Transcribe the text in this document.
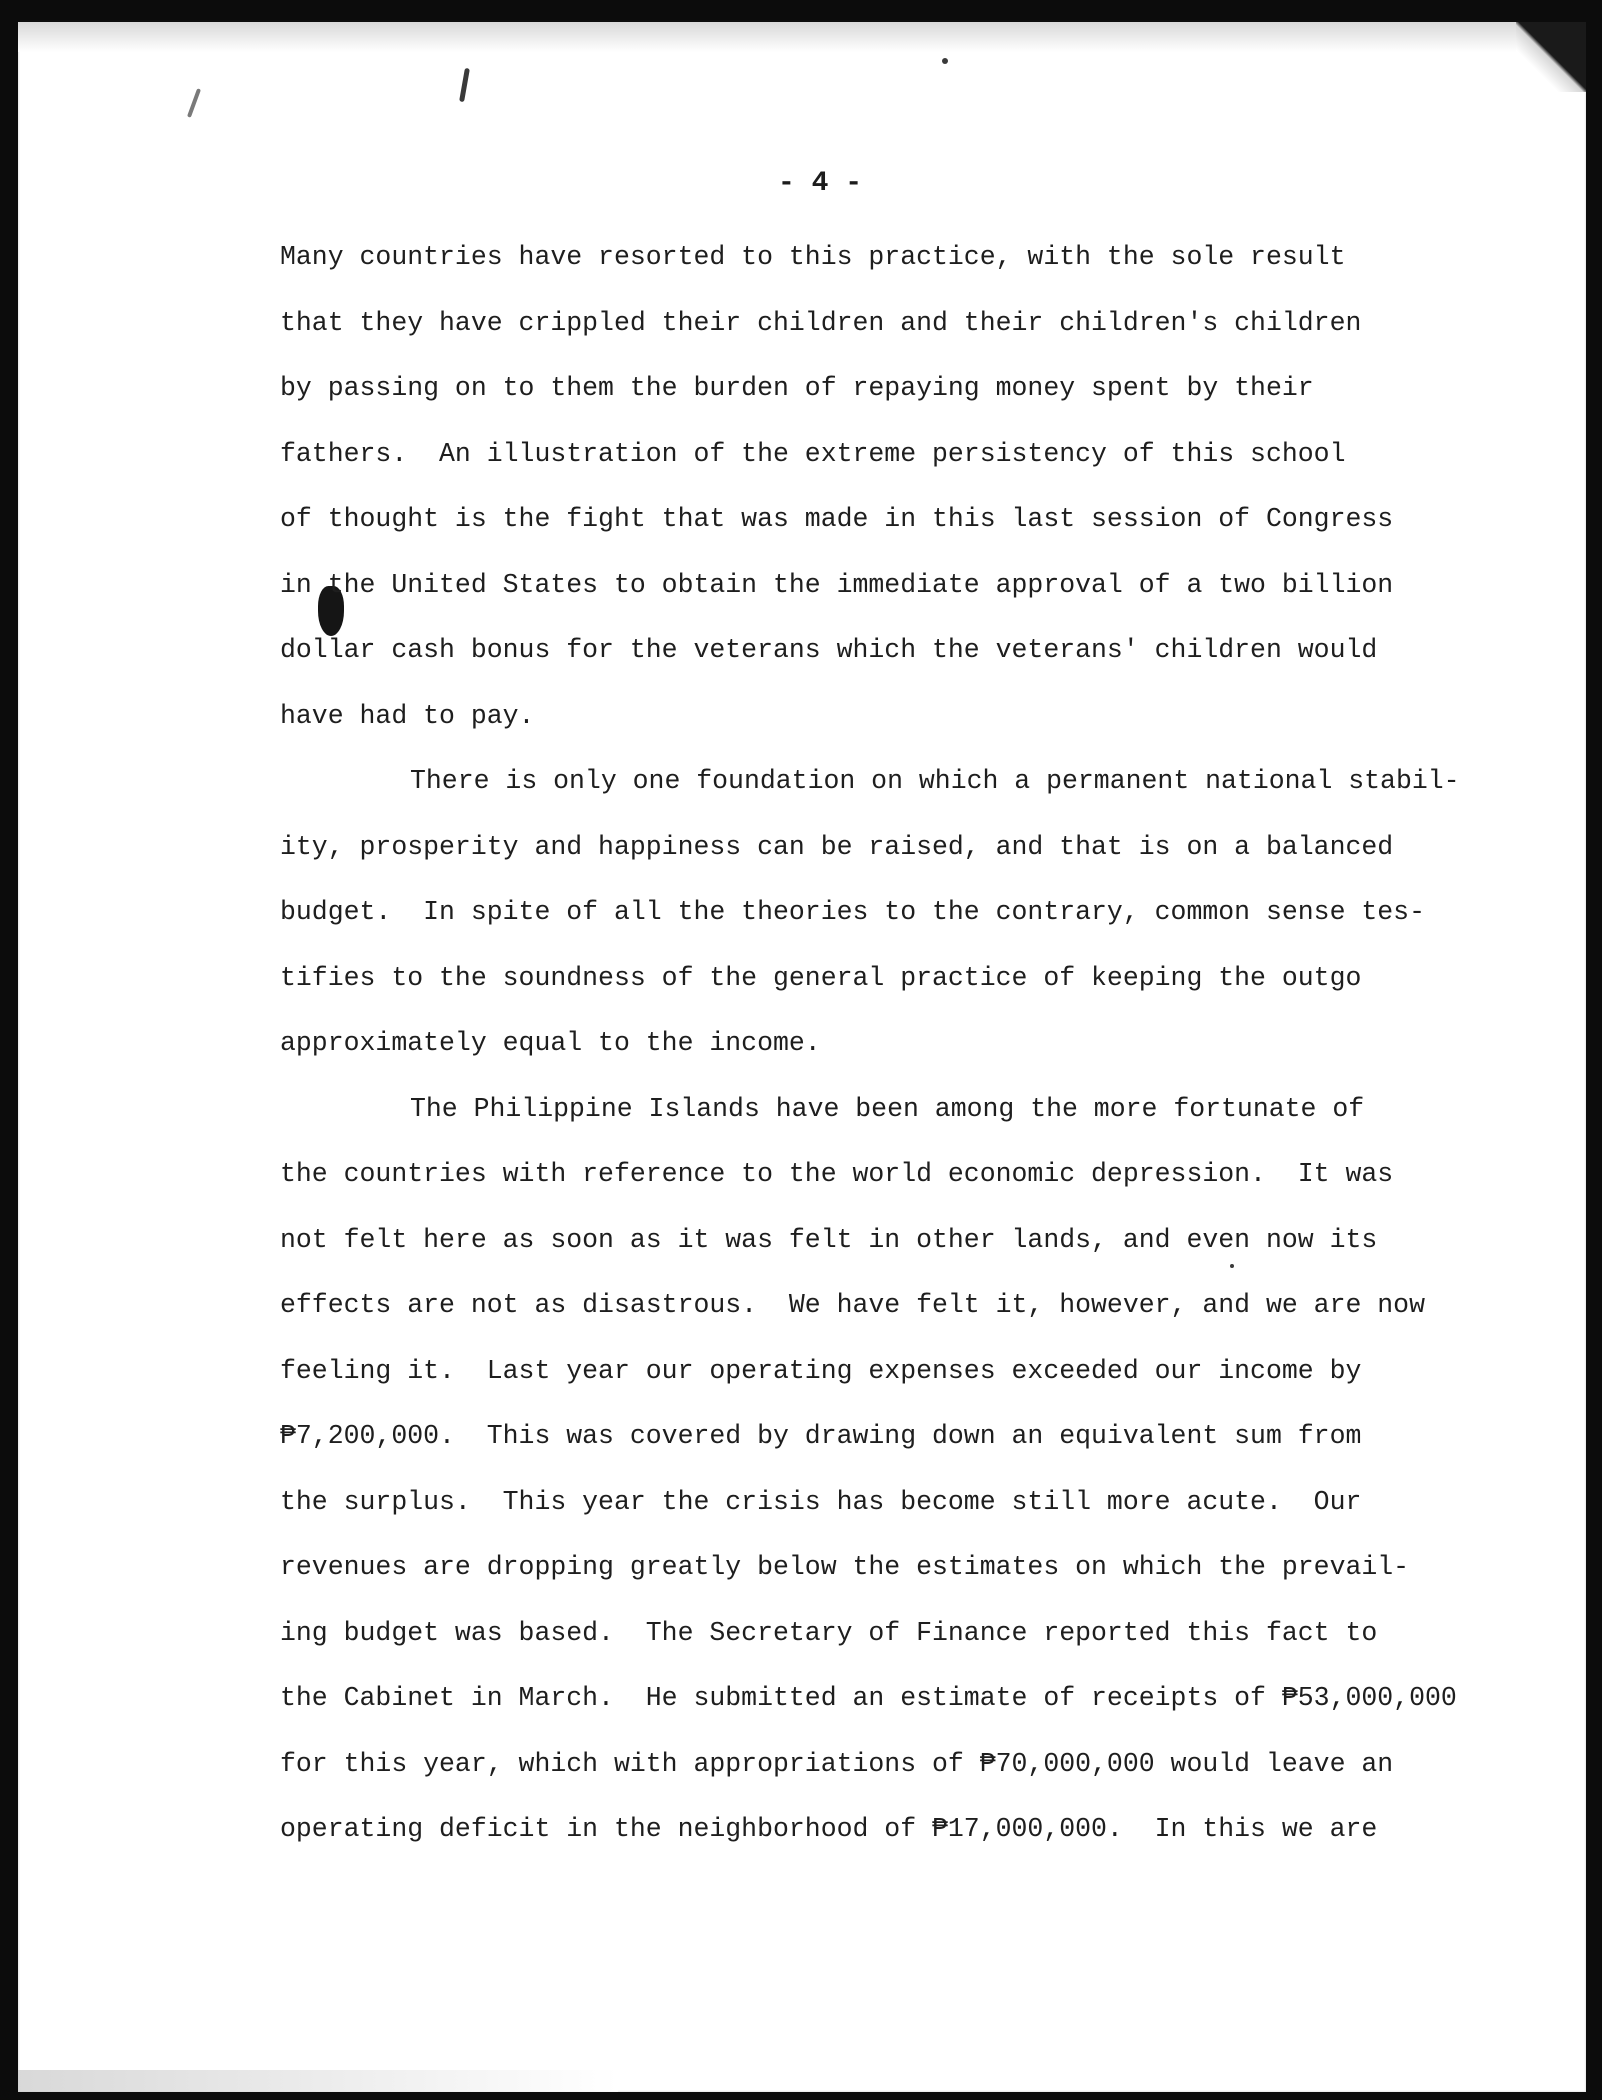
- 4 -
Many countries have resorted to this practice, with the sole result
that they have crippled their children and their children's children
by passing on to them the burden of repaying money spent by their
fathers.  An illustration of the extreme persistency of this school
of thought is the fight that was made in this last session of Congress
in the United States to obtain the immediate approval of a two billion
dollar cash bonus for the veterans which the veterans' children would
have had to pay.
There is only one foundation on which a permanent national stabil-
ity, prosperity and happiness can be raised, and that is on a balanced
budget.  In spite of all the theories to the contrary, common sense tes-
tifies to the soundness of the general practice of keeping the outgo
approximately equal to the income.
The Philippine Islands have been among the more fortunate of
the countries with reference to the world economic depression.  It was
not felt here as soon as it was felt in other lands, and even now its
effects are not as disastrous.  We have felt it, however, and we are now
feeling it.  Last year our operating expenses exceeded our income by
₱7,200,000.  This was covered by drawing down an equivalent sum from
the surplus.  This year the crisis has become still more acute.  Our
revenues are dropping greatly below the estimates on which the prevail-
ing budget was based.  The Secretary of Finance reported this fact to
the Cabinet in March.  He submitted an estimate of receipts of ₱53,000,000
for this year, which with appropriations of ₱70,000,000 would leave an
operating deficit in the neighborhood of ₱17,000,000.  In this we are
